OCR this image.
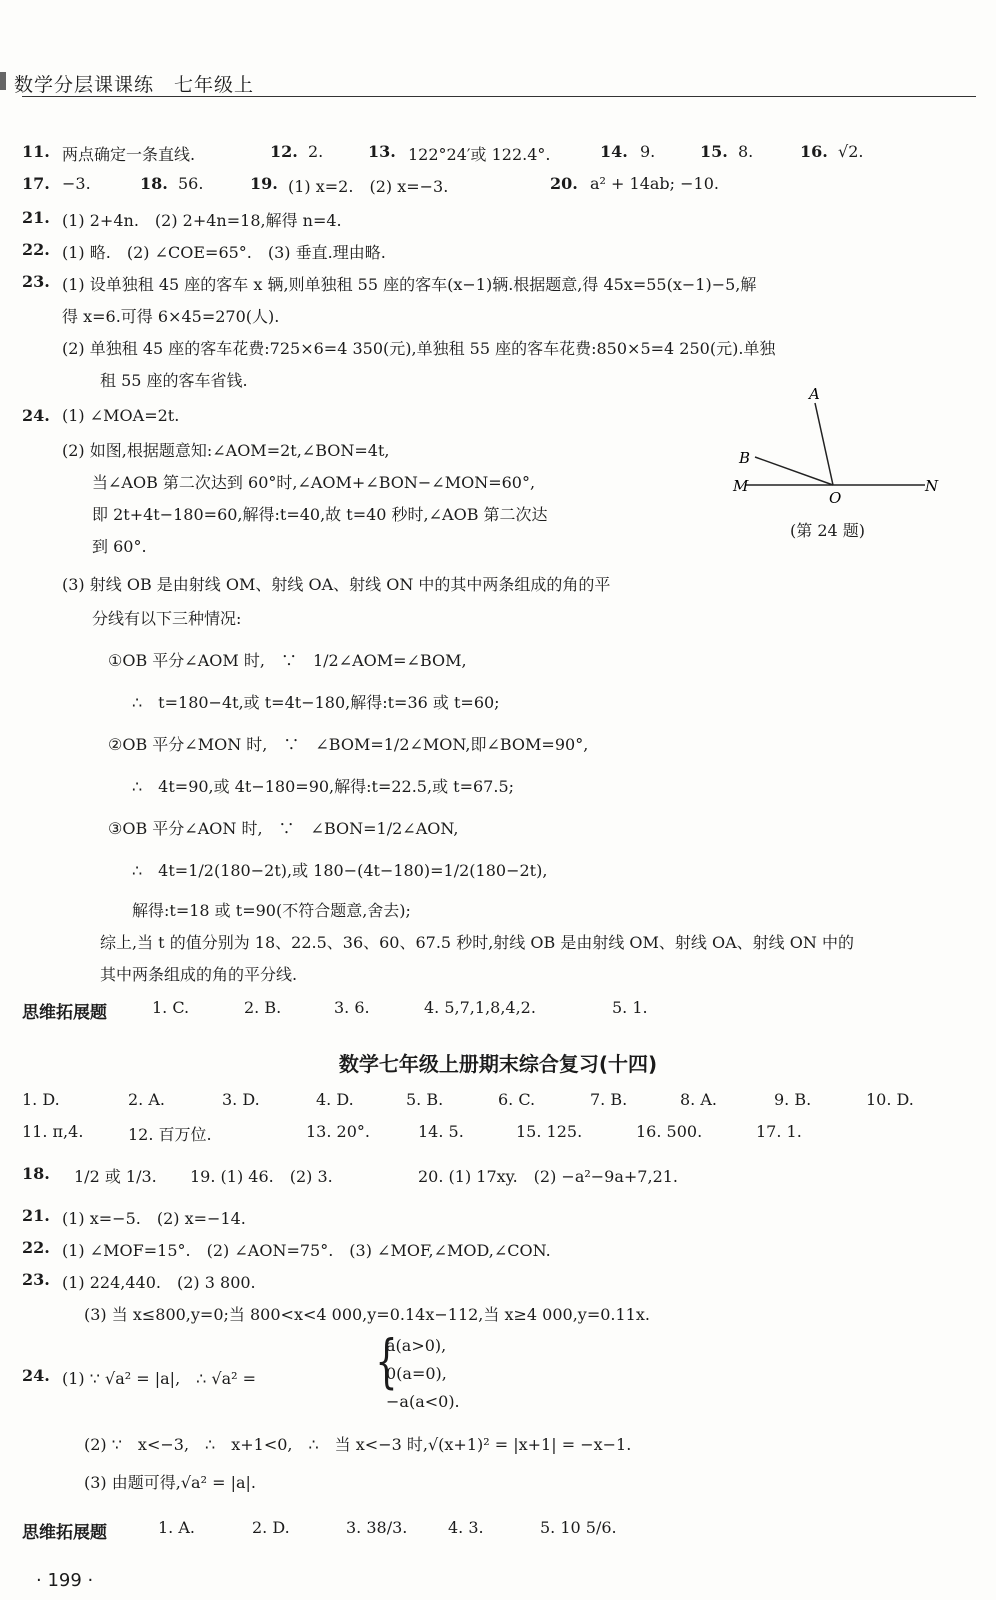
数学分层课课练　七年级上
11. 两点确定一条直线.	12. 2.	13. 122°24′或 122.4°.	14. 9.	15. 8.	16. √2.
17. −3.	18. 56.	19. (1) x=2.　(2) x=−3.	20. a² + 14ab; −10.
21. (1) 2+4n.　(2) 2+4n=18,解得 n=4.
22. (1) 略.　(2) ∠COE=65°.　(3) 垂直.理由略.
23. (1) 设单独租 45 座的客车 x 辆,则单独租 55 座的客车(x−1)辆.根据题意,得 45x=55(x−1)−5,解
得 x=6.可得 6×45=270(人).
(2) 单独租 45 座的客车花费:725×6=4 350(元),单独租 55 座的客车花费:850×5=4 250(元).单独
租 55 座的客车省钱.
24. (1) ∠MOA=2t.
(2) 如图,根据题意知:∠AOM=2t,∠BON=4t,
当∠AOB 第二次达到 60°时,∠AOM+∠BON−∠MON=60°,
即 2t+4t−180=60,解得:t=40,故 t=40 秒时,∠AOB 第二次达
到 60°.
A
B
M
O
N
(第 24 题)
(3) 射线 OB 是由射线 OM、射线 OA、射线 ON 中的其中两条组成的角的平
分线有以下三种情况:
①OB 平分∠AOM 时,　∵　1/2∠AOM=∠BOM,
∴　t=180−4t,或 t=4t−180,解得:t=36 或 t=60;
②OB 平分∠MON 时,　∵　∠BOM=1/2∠MON,即∠BOM=90°,
∴　4t=90,或 4t−180=90,解得:t=22.5,或 t=67.5;
③OB 平分∠AON 时,　∵　∠BON=1/2∠AON,
∴　4t=1/2(180−2t),或 180−(4t−180)=1/2(180−2t),
解得:t=18 或 t=90(不符合题意,舍去);
综上,当 t 的值分别为 18、22.5、36、60、67.5 秒时,射线 OB 是由射线 OM、射线 OA、射线 ON 中的
其中两条组成的角的平分线.
思维拓展题	1. C.	2. B.	3. 6.	4. 5,7,1,8,4,2.	5. 1.
数学七年级上册期末综合复习(十四)
1. D.	2. A.	3. D.	4. D.	5. B.	6. C.	7. B.	8. A.	9. B.	10. D.
11. π,4.	12. 百万位.	13. 20°.	14. 5.	15. 125.	16. 500.	17. 1.
18. 1/2 或 1/3. 19. (1) 46.　(2) 3.	20. (1) 17xy.　(2) −a²−9a+7,21.
21. (1) x=−5.　(2) x=−14.
22. (1) ∠MOF=15°.　(2) ∠AON=75°.　(3) ∠MOF,∠MOD,∠CON.
23. (1) 224,440.　(2) 3 800.
(3) 当 x≤800,y=0;当 800<x<4 000,y=0.14x−112,当 x≥4 000,y=0.11x.
24. (1) ∵ √a² = |a|,　∴ √a² = {
a(a>0),
0(a=0),
−a(a<0).
(2) ∵　x<−3,　∴　x+1<0,　∴　当 x<−3 时,√(x+1)² = |x+1| = −x−1.
(3) 由题可得,√a² = |a|.
思维拓展题	1. A.	2. D.	3. 38/3.	4. 3.	5. 10 5/6.
· 199 ·
